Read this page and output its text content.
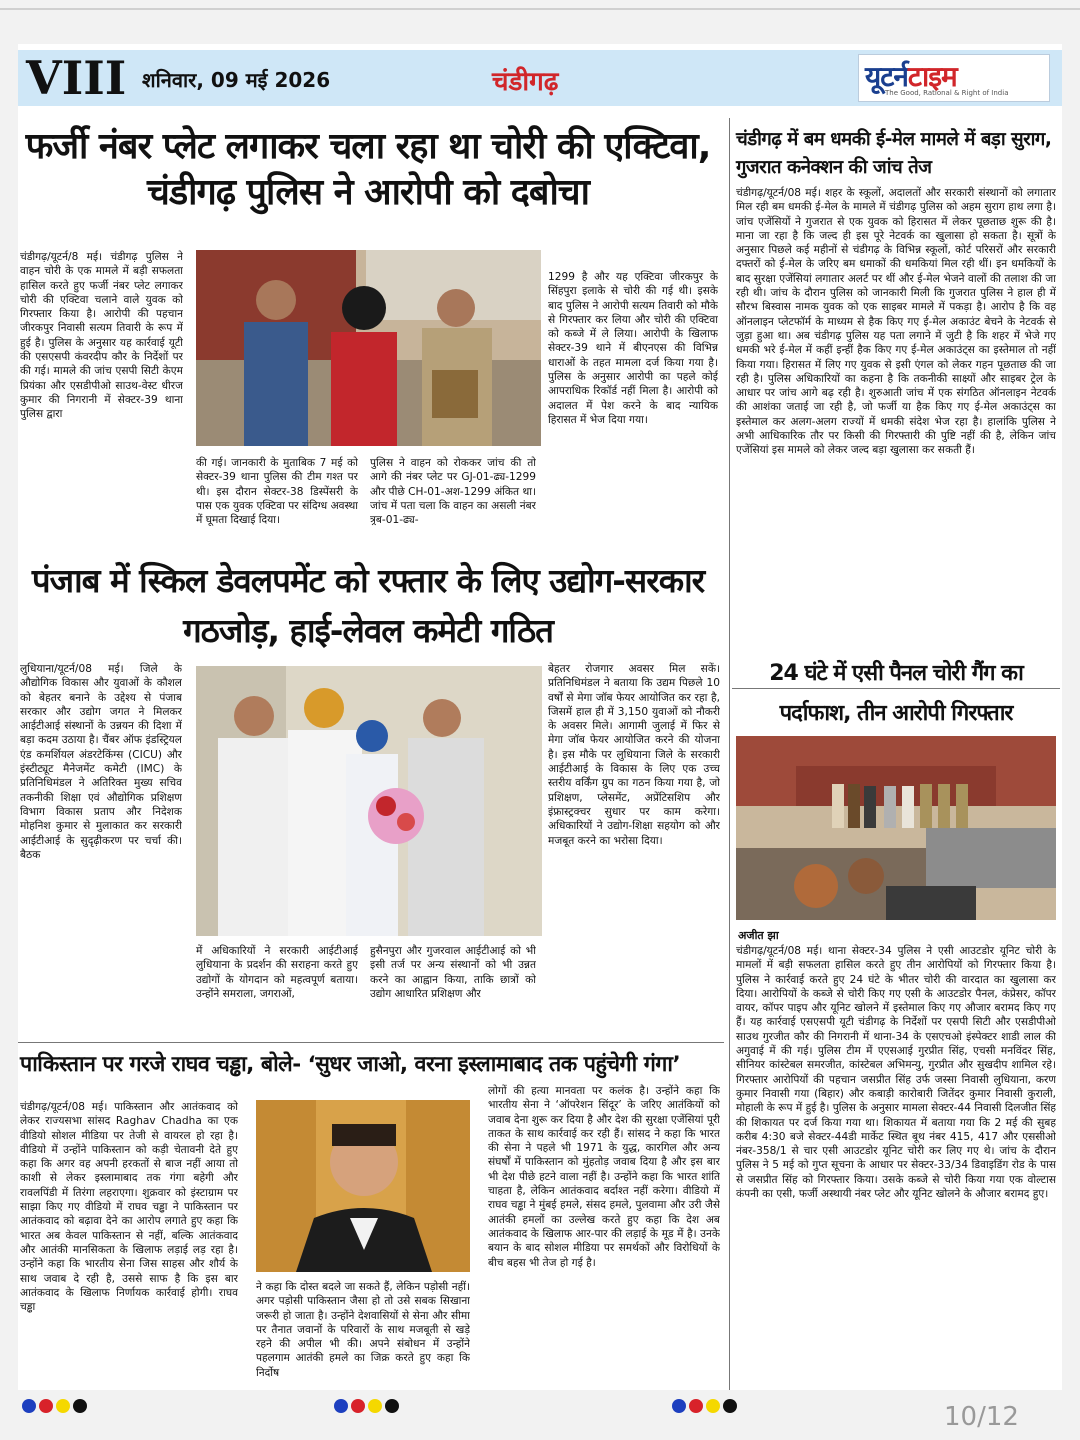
VIII शनिवार, 09 मई 2026	चंडीगढ़	यूटर्नटाइम
The Good, Rational & Right of India
फर्जी नंबर प्लेट लगाकर चला रहा था चोरी की एक्टिवा, चंडीगढ़ पुलिस ने आरोपी को दबोचा

चंडीगढ़/यूटर्न/8 मई। चंडीगढ़ पुलिस ने वाहन चोरी के एक मामले में बड़ी सफलता हासिल करते हुए फर्जी नंबर प्लेट लगाकर चोरी की एक्टिवा चलाने वाले युवक को गिरफ्तार किया है। आरोपी की पहचान जीरकपुर निवासी सत्यम तिवारी के रूप में हुई है। पुलिस के अनुसार यह कार्रवाई यूटी की एसएसपी कंवरदीप कौर के निर्देशों पर की गई। मामले की जांच एसपी सिटी केएम प्रियंका और एसडीपीओ साउथ-वेस्ट धीरज कुमार की निगरानी में सेक्टर-39 थाना पुलिस द्वारा

की गई। जानकारी के मुताबिक 7 मई को सेक्टर-39 थाना पुलिस की टीम गश्त पर थी। इस दौरान सेक्टर-38 डिस्पेंसरी के पास एक युवक एक्टिवा पर संदिग्ध अवस्था में घूमता दिखाई दिया।

पुलिस ने वाहन को रोककर जांच की तो आगे की नंबर प्लेट पर GJ-01-ढ्य-1299 और पीछे CH-01-अश-1299 अंकित था। जांच में पता चला कि वाहन का असली नंबर त्र्रब-01-ढ्य-

1299 है और यह एक्टिवा जीरकपुर के सिंहपुरा इलाके से चोरी की गई थी। इसके बाद पुलिस ने आरोपी सत्यम तिवारी को मौके से गिरफ्तार कर लिया और चोरी की एक्टिवा को कब्जे में ले लिया। आरोपी के खिलाफ सेक्टर-39 थाने में बीएनएस की विभिन्न धाराओं के तहत मामला दर्ज किया गया है। पुलिस के अनुसार आरोपी का पहले कोई आपराधिक रिकॉर्ड नहीं मिला है। आरोपी को अदालत में पेश करने के बाद न्यायिक हिरासत में भेज दिया गया।

चंडीगढ़ में बम धमकी ई-मेल मामले में बड़ा सुराग, गुजरात कनेक्शन की जांच तेज

चंडीगढ़/यूटर्न/08 मई। शहर के स्कूलों, अदालतों और सरकारी संस्थानों को लगातार मिल रही बम धमकी ई-मेल के मामले में चंडीगढ़ पुलिस को अहम सुराग हाथ लगा है। जांच एजेंसियों ने गुजरात से एक युवक को हिरासत में लेकर पूछताछ शुरू की है। माना जा रहा है कि जल्द ही इस पूरे नेटवर्क का खुलासा हो सकता है। सूत्रों के अनुसार पिछले कई महीनों से चंडीगढ़ के विभिन्न स्कूलों, कोर्ट परिसरों और सरकारी दफ्तरों को ई-मेल के जरिए बम धमाकों की धमकियां मिल रही थीं। इन धमकियों के बाद सुरक्षा एजेंसियां लगातार अलर्ट पर थीं और ई-मेल भेजने वालों की तलाश की जा रही थी। जांच के दौरान पुलिस को जानकारी मिली कि गुजरात पुलिस ने हाल ही में सौरभ बिस्वास नामक युवक को एक साइबर मामले में पकड़ा है। आरोप है कि वह ऑनलाइन प्लेटफॉर्म के माध्यम से हैक किए गए ई-मेल अकाउंट बेचने के नेटवर्क से जुड़ा हुआ था। अब चंडीगढ़ पुलिस यह पता लगाने में जुटी है कि शहर में भेजे गए धमकी भरे ई-मेल में कहीं इन्हीं हैक किए गए ई-मेल अकाउंट्स का इस्तेमाल तो नहीं किया गया। हिरासत में लिए गए युवक से इसी एंगल को लेकर गहन पूछताछ की जा रही है। पुलिस अधिकारियों का कहना है कि तकनीकी साक्ष्यों और साइबर ट्रेल के आधार पर जांच आगे बढ़ रही है। शुरुआती जांच में एक संगठित ऑनलाइन नेटवर्क की आशंका जताई जा रही है, जो फर्जी या हैक किए गए ई-मेल अकाउंट्स का इस्तेमाल कर अलग-अलग राज्यों में धमकी संदेश भेज रहा है। हालांकि पुलिस ने अभी आधिकारिक तौर पर किसी की गिरफ्तारी की पुष्टि नहीं की है, लेकिन जांच एजेंसियां इस मामले को लेकर जल्द बड़ा खुलासा कर सकती हैं।

पंजाब में स्किल डेवलपमेंट को रफ्तार के लिए उद्योग-सरकार गठजोड़, हाई-लेवल कमेटी गठित

लुधियाना/यूटर्न/08 मई। जिले के औद्योगिक विकास और युवाओं के कौशल को बेहतर बनाने के उद्देश्य से पंजाब सरकार और उद्योग जगत ने मिलकर आईटीआई संस्थानों के उन्नयन की दिशा में बड़ा कदम उठाया है। चैंबर ऑफ इंडस्ट्रियल एंड कमर्शियल अंडरटेकिंग्स (CICU) और इंस्टीट्यूट मैनेजमेंट कमेटी (IMC) के प्रतिनिधिमंडल ने अतिरिक्त मुख्य सचिव तकनीकी शिक्षा एवं औद्योगिक प्रशिक्षण विभाग विकास प्रताप और निदेशक मोहनिश कुमार से मुलाकात कर सरकारी आईटीआई के सुदृढ़ीकरण पर चर्चा की। बैठक

में अधिकारियों ने सरकारी आईटीआई लुधियाना के प्रदर्शन की सराहना करते हुए उद्योगों के योगदान को महत्वपूर्ण बताया। उन्होंने समराला, जगराओं,

हुसैनपुरा और गुजरवाल आईटीआई को भी इसी तर्ज पर अन्य संस्थानों को भी उन्नत करने का आह्वान किया, ताकि छात्रों को उद्योग आधारित प्रशिक्षण और

बेहतर रोजगार अवसर मिल सकें। प्रतिनिधिमंडल ने बताया कि उद्यम पिछले 10 वर्षों से मेगा जॉब फेयर आयोजित कर रहा है, जिसमें हाल ही में 3,150 युवाओं को नौकरी के अवसर मिले। आगामी जुलाई में फिर से मेगा जॉब फेयर आयोजित करने की योजना है। इस मौके पर लुधियाना जिले के सरकारी आईटीआई के विकास के लिए एक उच्च स्तरीय वर्किंग ग्रुप का गठन किया गया है, जो प्रशिक्षण, प्लेसमेंट, अप्रेंटिसशिप और इंफ्रास्ट्रक्चर सुधार पर काम करेगा। अधिकारियों ने उद्योग-शिक्षा सहयोग को और मजबूत करने का भरोसा दिया।

24 घंटे में एसी पैनल चोरी गैंग का पर्दाफाश, तीन आरोपी गिरफ्तार
अजीत झा

चंडीगढ़/यूटर्न/08 मई। थाना सेक्टर-34 पुलिस ने एसी आउटडोर यूनिट चोरी के मामलों में बड़ी सफलता हासिल करते हुए तीन आरोपियों को गिरफ्तार किया है। पुलिस ने कार्रवाई करते हुए 24 घंटे के भीतर चोरी की वारदात का खुलासा कर दिया। आरोपियों के कब्जे से चोरी किए गए एसी के आउटडोर पैनल, कंप्रेसर, कॉपर वायर, कॉपर पाइप और यूनिट खोलने में इस्तेमाल किए गए औजार बरामद किए गए हैं। यह कार्रवाई एसएसपी यूटी चंडीगढ़ के निर्देशों पर एसपी सिटी और एसडीपीओ साउथ गुरजीत कौर की निगरानी में थाना-34 के एसएचओ इंस्पेक्टर शाडी लाल की अगुवाई में की गई। पुलिस टीम में एएसआई गुरप्रीत सिंह, एचसी मनविंदर सिंह, सीनियर कांस्टेबल समरजीत, कांस्टेबल अभिमन्यु, गुरप्रीत और सुखदीप शामिल रहे। गिरफ्तार आरोपियों की पहचान जसप्रीत सिंह उर्फ जस्सा निवासी लुधियाना, करण कुमार निवासी गया (बिहार) और कबाड़ी कारोबारी जितेंदर कुमार निवासी कुराली, मोहाली के रूप में हुई है। पुलिस के अनुसार मामला सेक्टर-44 निवासी दिलजीत सिंह की शिकायत पर दर्ज किया गया था। शिकायत में बताया गया कि 2 मई की सुबह करीब 4:30 बजे सेक्टर-44डी मार्केट स्थित बूथ नंबर 415, 417 और एससीओ नंबर-358/1 से चार एसी आउटडोर यूनिट चोरी कर लिए गए थे। जांच के दौरान पुलिस ने 5 मई को गुप्त सूचना के आधार पर सेक्टर-33/34 डिवाइडिंग रोड के पास से जसप्रीत सिंह को गिरफ्तार किया। उसके कब्जे से चोरी किया गया एक वोल्टास कंपनी का एसी, फर्जी अस्थायी नंबर प्लेट और यूनिट खोलने के औजार बरामद हुए।

पाकिस्तान पर गरजे राघव चड्ढा, बोले- ‘सुधर जाओ, वरना इस्लामाबाद तक पहुंचेगी गंगा’

चंडीगढ़/यूटर्न/08 मई। पाकिस्तान और आतंकवाद को लेकर राज्यसभा सांसद Raghav Chadha का एक वीडियो सोशल मीडिया पर तेजी से वायरल हो रहा है। वीडियो में उन्होंने पाकिस्तान को कड़ी चेतावनी देते हुए कहा कि अगर वह अपनी हरकतों से बाज नहीं आया तो काशी से लेकर इस्लामाबाद तक गंगा बहेगी और रावलपिंडी में तिरंगा लहराएगा। शुक्रवार को इंस्टाग्राम पर साझा किए गए वीडियो में राघव चड्ढा ने पाकिस्तान पर आतंकवाद को बढ़ावा देने का आरोप लगाते हुए कहा कि भारत अब केवल पाकिस्तान से नहीं, बल्कि आतंकवाद और आतंकी मानसिकता के खिलाफ लड़ाई लड़ रहा है। उन्होंने कहा कि भारतीय सेना जिस साहस और शौर्य के साथ जवाब दे रही है, उससे साफ है कि इस बार आतंकवाद के खिलाफ निर्णायक कार्रवाई होगी। राघव चड्ढा

ने कहा कि दोस्त बदले जा सकते हैं, लेकिन पड़ोसी नहीं। अगर पड़ोसी पाकिस्तान जैसा हो तो उसे सबक सिखाना जरूरी हो जाता है। उन्होंने देशवासियों से सेना और सीमा पर तैनात जवानों के परिवारों के साथ मजबूती से खड़े रहने की अपील भी की। अपने संबोधन में उन्होंने पहलगाम आतंकी हमले का जिक्र करते हुए कहा कि निर्दोष

लोगों की हत्या मानवता पर कलंक है। उन्होंने कहा कि भारतीय सेना ने ‘ऑपरेशन सिंदूर’ के जरिए आतंकियों को जवाब देना शुरू कर दिया है और देश की सुरक्षा एजेंसियां पूरी ताकत के साथ कार्रवाई कर रही हैं। सांसद ने कहा कि भारत की सेना ने पहले भी 1971 के युद्ध, कारगिल और अन्य संघर्षों में पाकिस्तान को मुंहतोड़ जवाब दिया है और इस बार भी देश पीछे हटने वाला नहीं है। उन्होंने कहा कि भारत शांति चाहता है, लेकिन आतंकवाद बर्दाश्त नहीं करेगा। वीडियो में राघव चड्ढा ने मुंबई हमले, संसद हमले, पुलवामा और उरी जैसे आतंकी हमलों का उल्लेख करते हुए कहा कि देश अब आतंकवाद के खिलाफ आर-पार की लड़ाई के मूड में है। उनके बयान के बाद सोशल मीडिया पर समर्थकों और विरोधियों के बीच बहस भी तेज हो गई है।

10/12
